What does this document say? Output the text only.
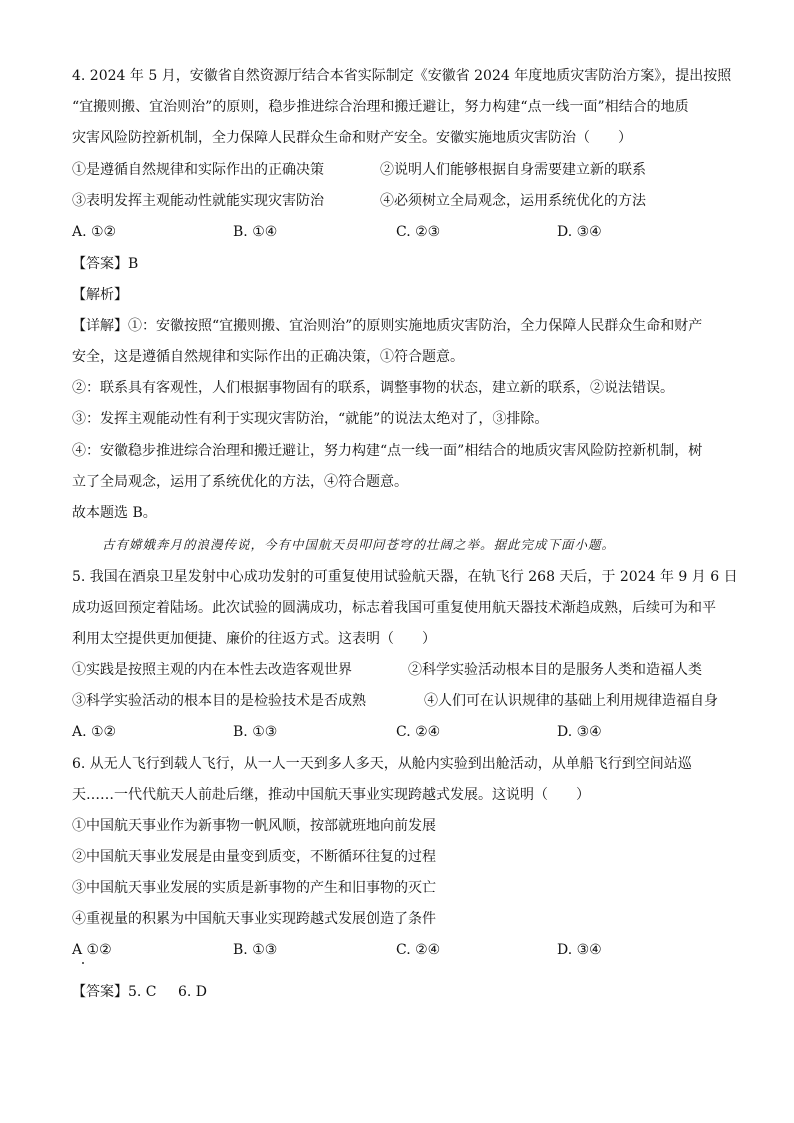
4. 2024 年 5 月，安徽省自然资源厅结合本省实际制定《安徽省 2024 年度地质灾害防治方案》，提出按照
“宜搬则搬、宜治则治”的原则，稳步推进综合治理和搬迁避让，努力构建“点一线一面”相结合的地质
灾害风险防控新机制，全力保障人民群众生命和财产安全。安徽实施地质灾害防治（　　）
①是遵循自然规律和实际作出的正确决策	②说明人们能够根据自身需要建立新的联系
③表明发挥主观能动性就能实现灾害防治	④必须树立全局观念，运用系统优化的方法
A. ①②	B. ①④	C. ②③	D. ③④
【答案】B
【解析】
【详解】①：安徽按照“宜搬则搬、宜治则治”的原则实施地质灾害防治，全力保障人民群众生命和财产
安全，这是遵循自然规律和实际作出的正确决策，①符合题意。
②：联系具有客观性，人们根据事物固有的联系，调整事物的状态，建立新的联系，②说法错误。
③：发挥主观能动性有利于实现灾害防治，“就能”的说法太绝对了，③排除。
④：安徽稳步推进综合治理和搬迁避让，努力构建“点一线一面”相结合的地质灾害风险防控新机制，树
立了全局观念，运用了系统优化的方法，④符合题意。
故本题选 B。
古有嫦娥奔月的浪漫传说，今有中国航天员叩问苍穹的壮阔之举。据此完成下面小题。
5. 我国在酒泉卫星发射中心成功发射的可重复使用试验航天器，在轨飞行 268 天后，于 2024 年 9 月 6 日
成功返回预定着陆场。此次试验的圆满成功，标志着我国可重复使用航天器技术渐趋成熟，后续可为和平
利用太空提供更加便捷、廉价的往返方式。这表明（　　）
①实践是按照主观的内在本性去改造客观世界	②科学实验活动根本目的是服务人类和造福人类
③科学实验活动的根本目的是检验技术是否成熟	④人们可在认识规律的基础上利用规律造福自身
A. ①②	B. ①③	C. ②④	D. ③④
6. 从无人飞行到载人飞行，从一人一天到多人多天，从舱内实验到出舱活动，从单船飞行到空间站巡
天……一代代航天人前赴后继，推动中国航天事业实现跨越式发展。这说明（　　）
①中国航天事业作为新事物一帆风顺，按部就班地向前发展
②中国航天事业发展是由量变到质变，不断循环往复的过程
③中国航天事业发展的实质是新事物的产生和旧事物的灭亡
④重视量的积累为中国航天事业实现跨越式发展创造了条件
A ①②	B. ①③	C. ②④	D. ③④
【答案】 5. C 6. D
